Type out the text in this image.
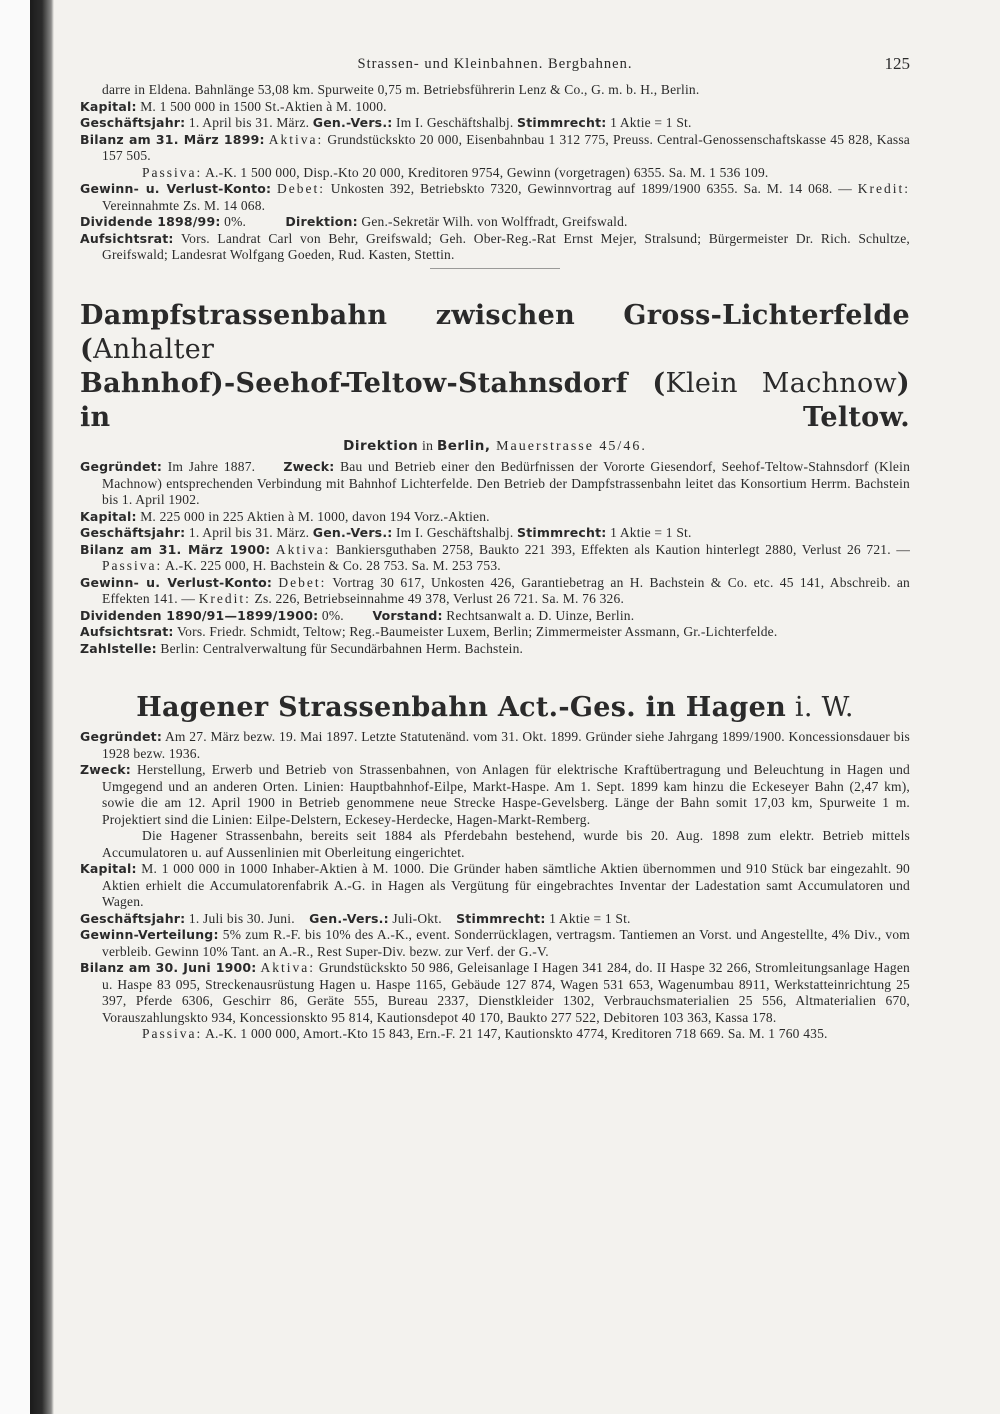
Strassen- und Kleinbahnen. Bergbahnen.	125

darre in Eldena. Bahnlänge 53,08 km. Spurweite 0,75 m. Betriebsführerin Lenz & Co., G. m. b. H., Berlin.

Kapital: M. 1 500 000 in 1500 St.-Aktien à M. 1000.

Geschäftsjahr: 1. April bis 31. März. Gen.-Vers.: Im I. Geschäftshalbj. Stimmrecht: 1 Aktie = 1 St.

Bilanz am 31. März 1899: Aktiva: Grundstückskto 20 000, Eisenbahnbau 1 312 775, Preuss. Central-Genossenschaftskasse 45 828, Kassa 157 505.

Passiva: A.-K. 1 500 000, Disp.-Kto 20 000, Kreditoren 9754, Gewinn (vorgetragen) 6355. Sa. M. 1 536 109.

Gewinn- u. Verlust-Konto: Debet: Unkosten 392, Betriebskto 7320, Gewinnvortrag auf 1899/1900 6355. Sa. M. 14 068. — Kredit: Vereinnahmte Zs. M. 14 068.

Dividende 1898/99: 0%.	Direktion: Gen.-Sekretär Wilh. von Wolffradt, Greifswald.

Aufsichtsrat: Vors. Landrat Carl von Behr, Greifswald; Geh. Ober-Reg.-Rat Ernst Mejer, Stralsund; Bürgermeister Dr. Rich. Schultze, Greifswald; Landesrat Wolfgang Goeden, Rud. Kasten, Stettin.

Dampfstrassenbahn zwischen Gross-Lichterfelde (Anhalter

Bahnhof)-Seehof-Teltow-Stahnsdorf (Klein Machnow) in Teltow.

Direktion in Berlin, Mauerstrasse 45/46.

Gegründet: Im Jahre 1887. Zweck: Bau und Betrieb einer den Bedürfnissen der Vororte Giesendorf, Seehof-Teltow-Stahnsdorf (Klein Machnow) entsprechenden Verbindung mit Bahnhof Lichterfelde. Den Betrieb der Dampfstrassenbahn leitet das Konsortium Herrm. Bachstein bis 1. April 1902.

Kapital: M. 225 000 in 225 Aktien à M. 1000, davon 194 Vorz.-Aktien.

Geschäftsjahr: 1. April bis 31. März. Gen.-Vers.: Im I. Geschäftshalbj. Stimmrecht: 1 Aktie = 1 St.

Bilanz am 31. März 1900: Aktiva: Bankiersguthaben 2758, Baukto 221 393, Effekten als Kaution hinterlegt 2880, Verlust 26 721. — Passiva: A.-K. 225 000, H. Bachstein & Co. 28 753. Sa. M. 253 753.

Gewinn- u. Verlust-Konto: Debet: Vortrag 30 617, Unkosten 426, Garantiebetrag an H. Bachstein & Co. etc. 45 141, Abschreib. an Effekten 141. — Kredit: Zs. 226, Betriebseinnahme 49 378, Verlust 26 721. Sa. M. 76 326.

Dividenden 1890/91—1899/1900: 0%. Vorstand: Rechtsanwalt a. D. Uinze, Berlin.

Aufsichtsrat: Vors. Friedr. Schmidt, Teltow; Reg.-Baumeister Luxem, Berlin; Zimmermeister Assmann, Gr.-Lichterfelde.

Zahlstelle: Berlin: Centralverwaltung für Secundärbahnen Herm. Bachstein.

Hagener Strassenbahn Act.-Ges. in Hagen i. W.

Gegründet: Am 27. März bezw. 19. Mai 1897. Letzte Statutenänd. vom 31. Okt. 1899. Gründer siehe Jahrgang 1899/1900. Koncessionsdauer bis 1928 bezw. 1936.

Zweck: Herstellung, Erwerb und Betrieb von Strassenbahnen, von Anlagen für elektrische Kraftübertragung und Beleuchtung in Hagen und Umgegend und an anderen Orten. Linien: Hauptbahnhof-Eilpe, Markt-Haspe. Am 1. Sept. 1899 kam hinzu die Eckeseyer Bahn (2,47 km), sowie die am 12. April 1900 in Betrieb genommene neue Strecke Haspe-Gevelsberg. Länge der Bahn somit 17,03 km, Spurweite 1 m. Projektiert sind die Linien: Eilpe-Delstern, Eckesey-Herdecke, Hagen-Markt-Remberg.

Die Hagener Strassenbahn, bereits seit 1884 als Pferdebahn bestehend, wurde bis 20. Aug. 1898 zum elektr. Betrieb mittels Accumulatoren u. auf Aussenlinien mit Oberleitung eingerichtet.

Kapital: M. 1 000 000 in 1000 Inhaber-Aktien à M. 1000. Die Gründer haben sämtliche Aktien übernommen und 910 Stück bar eingezahlt. 90 Aktien erhielt die Accumulatorenfabrik A.-G. in Hagen als Vergütung für eingebrachtes Inventar der Ladestation samt Accumulatoren und Wagen.

Geschäftsjahr: 1. Juli bis 30. Juni. Gen.-Vers.: Juli-Okt. Stimmrecht: 1 Aktie = 1 St.

Gewinn-Verteilung: 5% zum R.-F. bis 10% des A.-K., event. Sonderrücklagen, vertragsm. Tantiemen an Vorst. und Angestellte, 4% Div., vom verbleib. Gewinn 10% Tant. an A.-R., Rest Super-Div. bezw. zur Verf. der G.-V.

Bilanz am 30. Juni 1900: Aktiva: Grundstückskto 50 986, Geleisanlage I Hagen 341 284, do. II Haspe 32 266, Stromleitungsanlage Hagen u. Haspe 83 095, Streckenausrüstung Hagen u. Haspe 1165, Gebäude 127 874, Wagen 531 653, Wagenumbau 8911, Werkstatteinrichtung 25 397, Pferde 6306, Geschirr 86, Geräte 555, Bureau 2337, Dienstkleider 1302, Verbrauchsmaterialien 25 556, Altmaterialien 670, Vorauszahlungskto 934, Koncessionskto 95 814, Kautionsdepot 40 170, Baukto 277 522, Debitoren 103 363, Kassa 178.

Passiva: A.-K. 1 000 000, Amort.-Kto 15 843, Ern.-F. 21 147, Kautionskto 4774, Kreditoren 718 669. Sa. M. 1 760 435.
